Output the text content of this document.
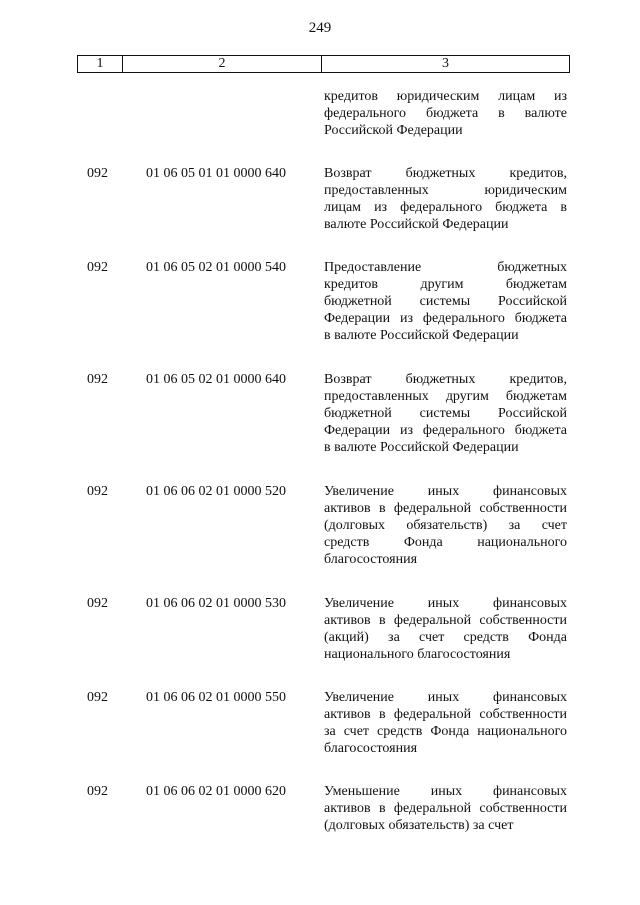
249
1	2	3
кредитов юридическим лицам из
федерального бюджета в валюте
Российской Федерации
092	01 06 05 01 01 0000 640	Возврат бюджетных кредитов,
предоставленных юридическим
лицам из федерального бюджета в
валюте Российской Федерации
092	01 06 05 02 01 0000 540	Предоставление бюджетных
кредитов другим бюджетам
бюджетной системы Российской
Федерации из федерального бюджета
в валюте Российской Федерации
092	01 06 05 02 01 0000 640	Возврат бюджетных кредитов,
предоставленных другим бюджетам
бюджетной системы Российской
Федерации из федерального бюджета
в валюте Российской Федерации
092	01 06 06 02 01 0000 520	Увеличение иных финансовых
активов в федеральной собственности
(долговых обязательств) за счет
средств Фонда национального
благосостояния
092	01 06 06 02 01 0000 530	Увеличение иных финансовых
активов в федеральной собственности
(акций) за счет средств Фонда
национального благосостояния
092	01 06 06 02 01 0000 550	Увеличение иных финансовых
активов в федеральной собственности
за счет средств Фонда национального
благосостояния
092	01 06 06 02 01 0000 620	Уменьшение иных финансовых
активов в федеральной собственности
(долговых обязательств) за счет
